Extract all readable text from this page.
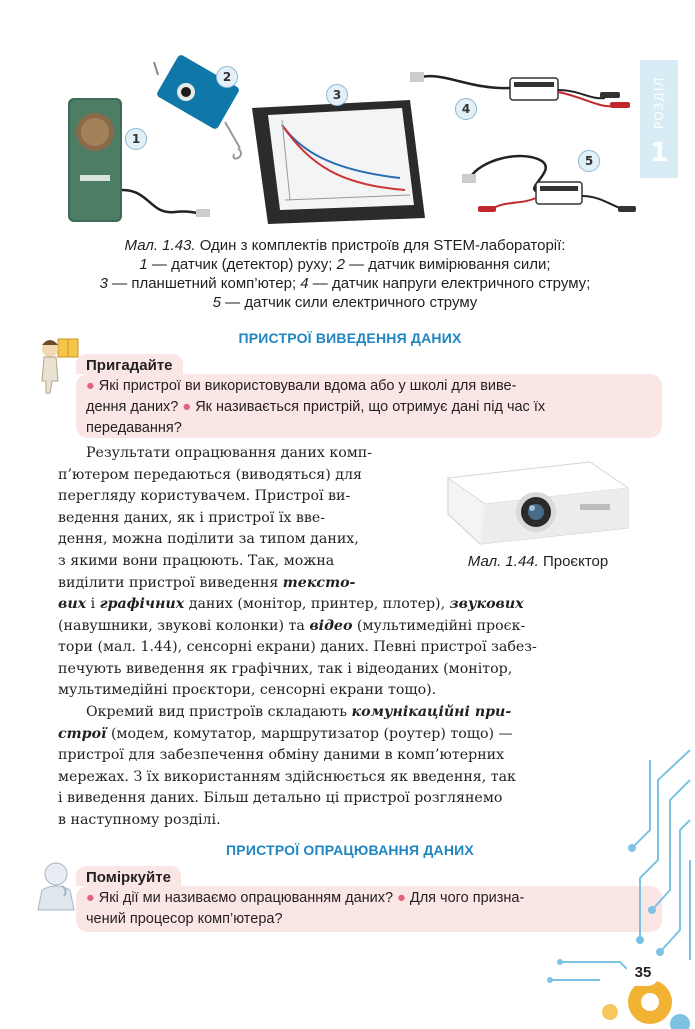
РОЗДІЛ
1
1
2
3
4
5
Мал. 1.43. Один з комплектів пристроїв для STEM-лабораторії:
1 — датчик (детектор) руху; 2 — датчик вимірювання сили;
3 — планшетний комп’ютер; 4 — датчик напруги електричного струму;
5 — датчик сили електричного струму
ПРИСТРОЇ ВИВЕДЕННЯ ДАНИХ
Пригадайте
● Які пристрої ви використовували вдома або у школі для виве-
дення даних? ● Як називається пристрій, що отримує дані під час їх
передавання?
Мал. 1.44. Проєктор
Результати опрацювання даних комп-
п’ютером передаються (виводяться) для
перегляду користувачем. Пристрої ви-
ведення даних, як і пристрої їх вве-
дення, можна поділити за типом даних,
з якими вони працюють. Так, можна
виділити пристрої виведення тексто-
вих і графічних даних (монітор, принтер, плотер), звукових
(навушники, звукові колонки) та відео (мультимедійні проєк-
тори (мал. 1.44), сенсорні екрани) даних. Певні пристрої забез-
печують виведення як графічних, так і відеоданих (монітор,
мультимедійні проєктори, сенсорні екрани тощо).
Окремий вид пристроїв складають комунікаційні при-
строї (модем, комутатор, маршрутизатор (роутер) тощо) —
пристрої для забезпечення обміну даними в комп’ютерних
мережах. З їх використанням здійснюється як введення, так
і виведення даних. Більш детально ці пристрої розглянемо
в наступному розділі.
ПРИСТРОЇ ОПРАЦЮВАННЯ ДАНИХ
Поміркуйте
● Які дії ми називаємо опрацюванням даних? ● Для чого призна-
чений процесор комп’ютера?
35
